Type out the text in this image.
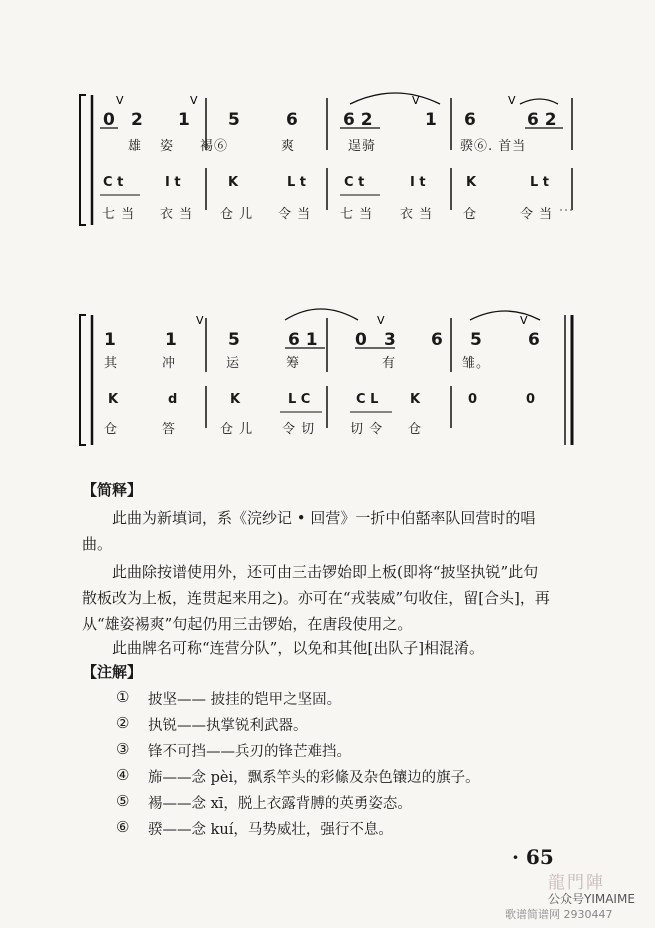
V	V	V	V
V	V	V
0 2 1 5	6	6 2	1 6	6 2
雄 姿 裼⑥	爽	逞骑	骙⑥. 首当
C t	I t	K	L t	C t	I t	K	L t
七 当 衣 当 仓 儿 令 当 七 当 衣 当 仓	令 当
1	1	5	6 1 0 3 6 5	6
其	冲	运	筹	有	雏。
K	d	K	L C	C L K	0	0
仓	答	仓 儿 令 切	切 令 仓
【简释】
此曲为新填词，系《浣纱记 • 回营》一折中伯嚭率队回营时的唱
曲。
此曲除按谱使用外，还可由三击锣始即上板(即将“披坚执锐”此句
散板改为上板，连贯起来用之)。亦可在“戎装威”句收住，留[合头]，再
从“雄姿裼爽”句起仍用三击锣始，在唐段使用之。
此曲牌名可称“连营分队”，以免和其他[出队子]相混淆。
【注解】
① 披坚—— 披挂的铠甲之坚固。
② 执锐——执掌锐利武器。
③ 锋不可挡——兵刃的锋芒难挡。
④ 旆——念 pèi，飘系竿头的彩絛及杂色镶边的旗子。
⑤ 裼——念 xī，脱上衣露背膊的英勇姿态。
⑥ 骙——念 kuí，马势威壮，强行不息。
· 65
龍門陣
公众号YIMAIME
歌谱简谱网 2930447
